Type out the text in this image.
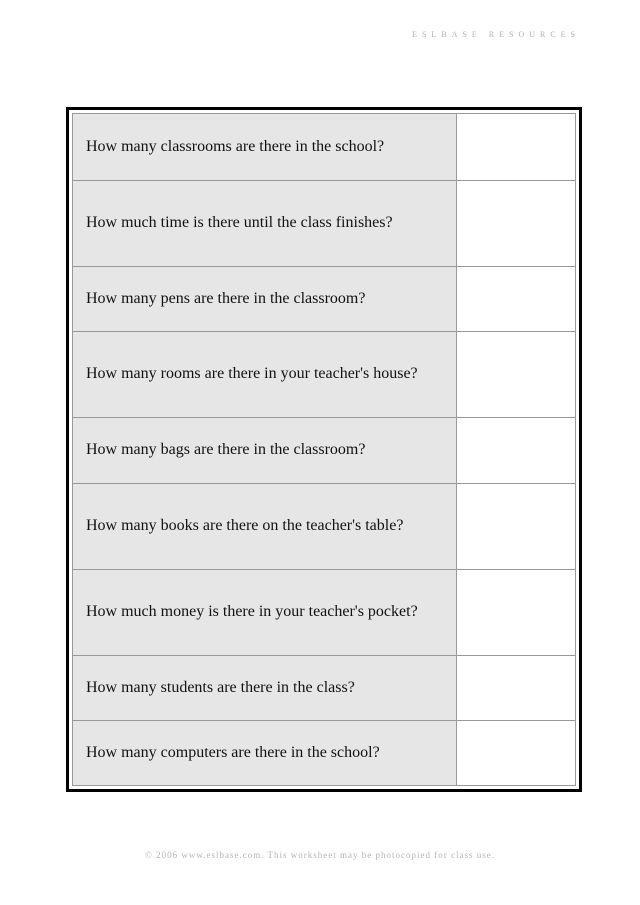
ESLBASE RESOURCES
How many classrooms are there in the school?	
How much time is there until the class finishes?	
How many pens are there in the classroom?	
How many rooms are there in your teacher's house?	
How many bags are there in the classroom?	
How many books are there on the teacher's table?	
How much money is there in your teacher's pocket?	
How many students are there in the class?	
How many computers are there in the school?	
© 2006 www.eslbase.com. This worksheet may be photocopied for class use.
